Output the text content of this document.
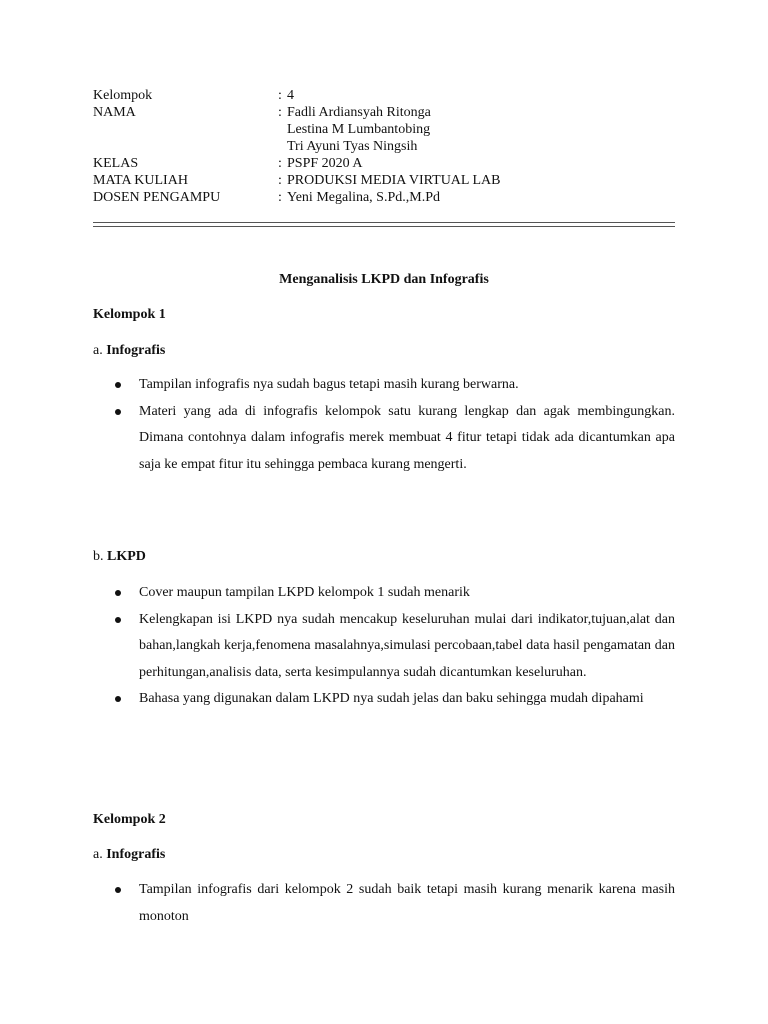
Kelompok	: 4
NAMA	: Fadli Ardiansyah Ritonga
Lestina M Lumbantobing
Tri Ayuni Tyas Ningsih
KELAS	: PSPF 2020 A
MATA KULIAH	: PRODUKSI MEDIA VIRTUAL LAB
DOSEN PENGAMPU	: Yeni Megalina, S.Pd.,M.Pd
Menganalisis LKPD dan Infografis
Kelompok 1
a. Infografis
Tampilan infografis nya sudah bagus tetapi masih kurang berwarna.
Materi yang ada di infografis kelompok satu kurang lengkap dan agak membingungkan. Dimana contohnya dalam infografis merek membuat 4 fitur tetapi tidak ada dicantumkan apa saja ke empat fitur itu sehingga pembaca kurang mengerti.
b. LKPD
Cover maupun tampilan LKPD kelompok 1 sudah menarik
Kelengkapan isi LKPD nya sudah mencakup keseluruhan mulai dari indikator,tujuan,alat dan bahan,langkah kerja,fenomena masalahnya,simulasi percobaan,tabel data hasil pengamatan dan perhitungan,analisis data, serta kesimpulannya sudah dicantumkan keseluruhan.
Bahasa yang digunakan dalam LKPD nya sudah jelas dan baku sehingga mudah dipahami
Kelompok 2
a. Infografis
Tampilan infografis dari kelompok 2 sudah baik tetapi masih kurang menarik karena masih monoton
